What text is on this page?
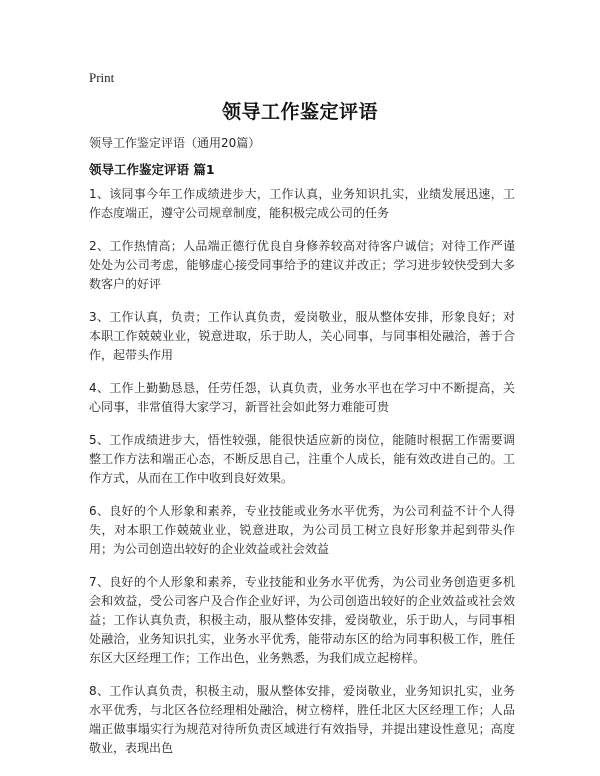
Print
领导工作鉴定评语
领导工作鉴定评语（通用20篇）
领导工作鉴定评语 篇1

1、该同事今年工作成绩进步大，工作认真，业务知识扎实，业绩发展迅速，工作态度端正，遵守公司规章制度，能积极完成公司的任务

2、工作热情高；人品端正德行优良自身修养较高对待客户诚信；对待工作严谨处处为公司考虑，能够虚心接受同事给予的建议并改正；学习进步较快受到大多数客户的好评

3、工作认真，负责；工作认真负责，爱岗敬业，服从整体安排，形象良好；对本职工作兢兢业业，锐意进取，乐于助人，关心同事，与同事相处融洽，善于合作，起带头作用

4、工作上勤勤恳恳，任劳任怨，认真负责，业务水平也在学习中不断提高，关心同事，非常值得大家学习，新晋社会如此努力难能可贵

5、工作成绩进步大，悟性较强，能很快适应新的岗位，能随时根据工作需要调整工作方法和端正心态，不断反思自己，注重个人成长，能有效改进自己的。工作方式，从而在工作中收到良好效果。

6、良好的个人形象和素养，专业技能或业务水平优秀，为公司利益不计个人得失，对本职工作兢兢业业，锐意进取，为公司员工树立良好形象并起到带头作用；为公司创造出较好的企业效益或社会效益

7、良好的个人形象和素养，专业技能和业务水平优秀，为公司业务创造更多机会和效益，受公司客户及合作企业好评，为公司创造出较好的企业效益或社会效益；工作认真负责，积极主动，服从整体安排，爱岗敬业，乐于助人，与同事相处融洽，业务知识扎实，业务水平优秀，能带动东区的给为同事积极工作，胜任东区大区经理工作；工作出色，业务熟悉，为我们成立起榜样。

8、工作认真负责，积极主动，服从整体安排，爱岗敬业，业务知识扎实，业务水平优秀，与北区各位经理相处融洽，树立榜样，胜任北区大区经理工作；人品端正做事塌实行为规范对待所负责区域进行有效指导，并提出建设性意见；高度敬业，表现出色
